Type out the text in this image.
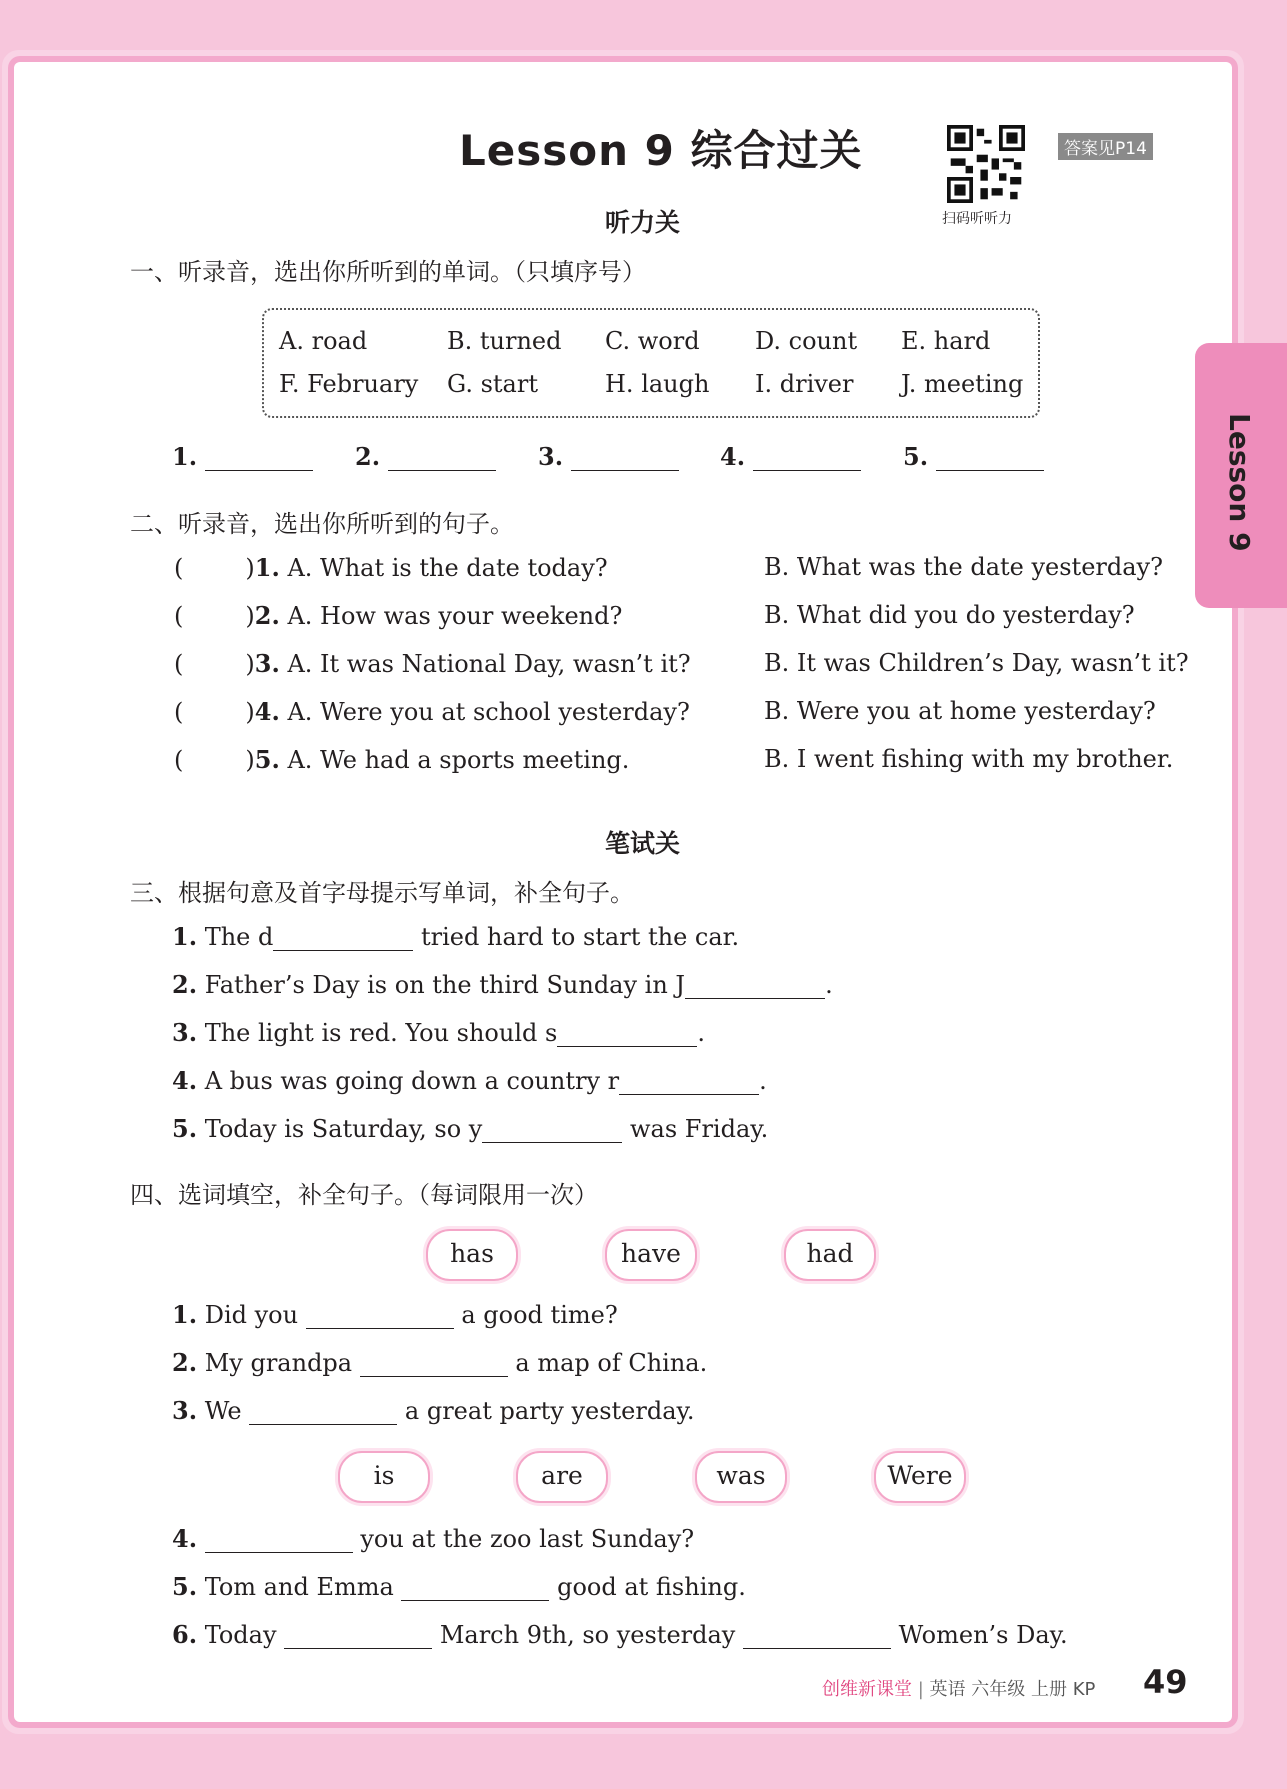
Lesson 9 综合过关
扫码听听力
答案见P14
Lesson 9
听力关
一、听录音，选出你所听到的单词。（只填序号）
A. road	B. turned C. word D. count E. hard
F. February G. start	H. laugh I. driver J. meeting
1.	2.	3.	4.	5.
二、听录音，选出你所听到的句子。
(	)1. A. What is the date today?	B. What was the date yesterday?
(	)2. A. How was your weekend?	B. What did you do yesterday?
(	)3. A. It was National Day, wasn’t it?	B. It was Children’s Day, wasn’t it?
(	)4. A. Were you at school yesterday?	B. Were you at home yesterday?
(	)5. A. We had a sports meeting.	B. I went fishing with my brother.
笔试关
三、根据句意及首字母提示写单词，补全句子。
1. The d	tried hard to start the car.
2. Father’s Day is on the third Sunday in J	.
3. The light is red. You should s	.
4. A bus was going down a country r	.
5. Today is Saturday, so y	was Friday.
四、选词填空，补全句子。（每词限用一次）
has	have	had
1. Did you	a good time?
2. My grandpa	a map of China.
3. We	a great party yesterday.
is	are	was	Were
4.	you at the zoo last Sunday?
5. Tom and Emma	good at fishing.
6. Today	March 9th, so yesterday	Women’s Day.
创维新课堂 | 英语 六年级 上册 KP 49
